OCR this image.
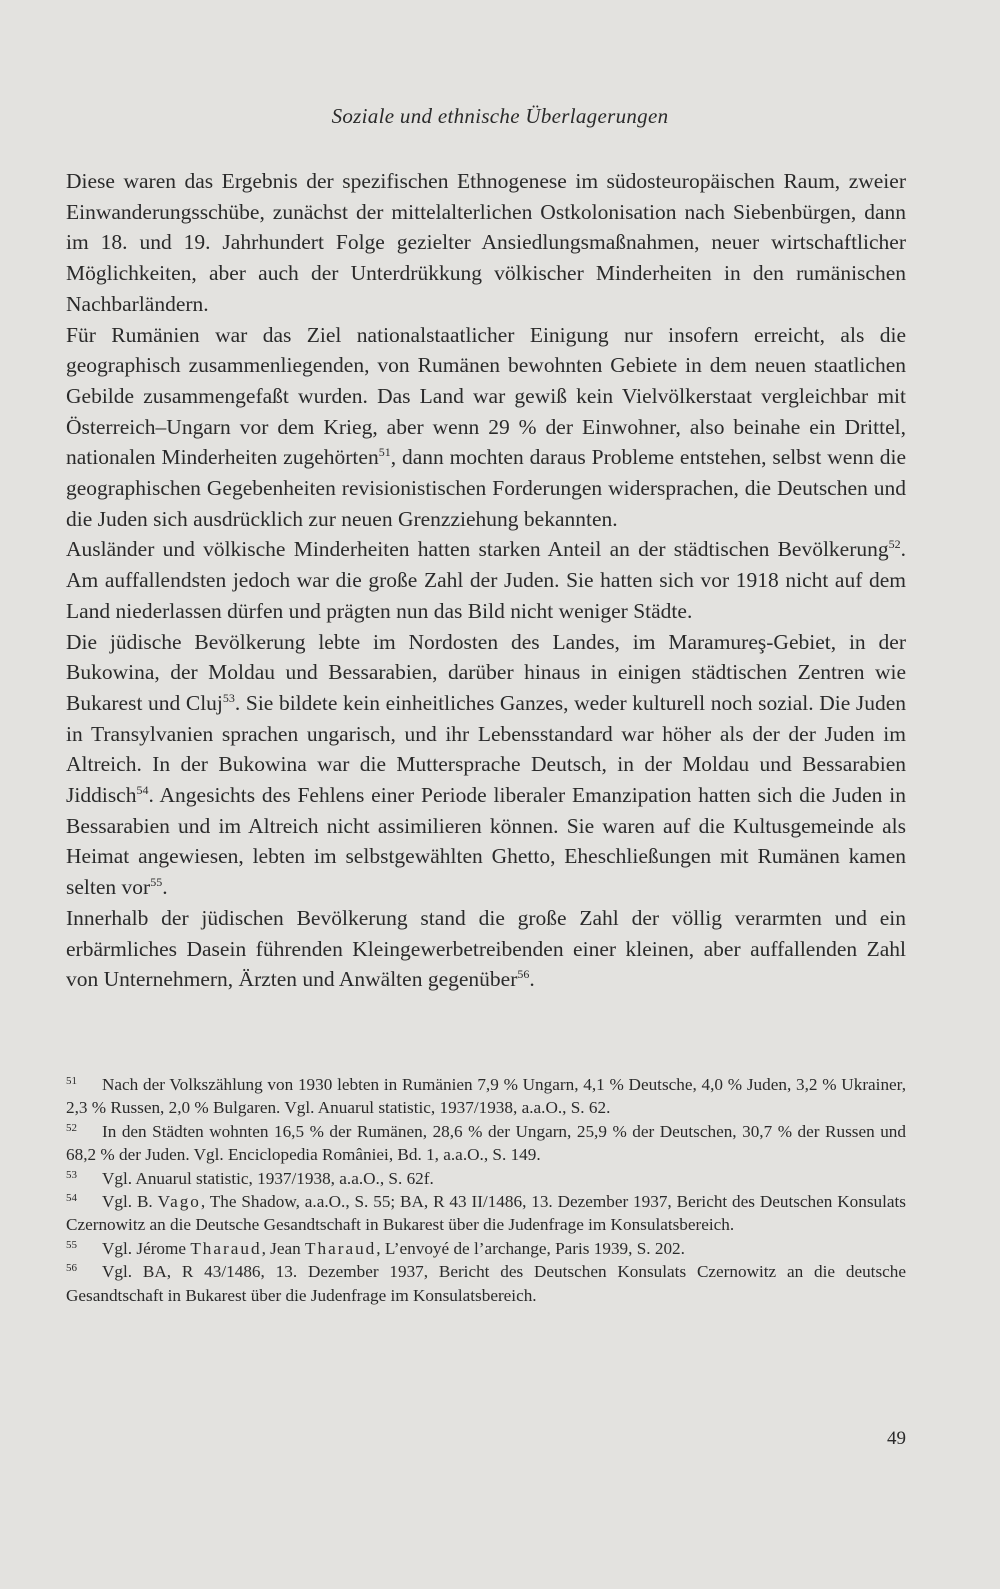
Soziale und ethnische Überlagerungen

Diese waren das Ergebnis der spezifischen Ethnogenese im südosteuropäischen Raum, zweier Einwanderungsschübe, zunächst der mittelalterlichen Ostkolonisation nach Siebenbürgen, dann im 18. und 19. Jahrhundert Folge gezielter Ansiedlungsmaßnahmen, neuer wirtschaftlicher Möglichkeiten, aber auch der Unterdrükkung völkischer Minderheiten in den rumänischen Nachbarländern.

Für Rumänien war das Ziel nationalstaatlicher Einigung nur insofern erreicht, als die geographisch zusammenliegenden, von Rumänen bewohnten Gebiete in dem neuen staatlichen Gebilde zusammengefaßt wurden. Das Land war gewiß kein Vielvölkerstaat vergleichbar mit Österreich–Ungarn vor dem Krieg, aber wenn 29 % der Einwohner, also beinahe ein Drittel, nationalen Minderheiten zugehörten$^{51}$, dann mochten daraus Probleme entstehen, selbst wenn die geographischen Gegebenheiten revisionistischen Forderungen widersprachen, die Deutschen und die Juden sich ausdrücklich zur neuen Grenzziehung bekannten.

Ausländer und völkische Minderheiten hatten starken Anteil an der städtischen Bevölkerung$^{52}$. Am auffallendsten jedoch war die große Zahl der Juden. Sie hatten sich vor 1918 nicht auf dem Land niederlassen dürfen und prägten nun das Bild nicht weniger Städte.

Die jüdische Bevölkerung lebte im Nordosten des Landes, im Maramureş-Gebiet, in der Bukowina, der Moldau und Bessarabien, darüber hinaus in einigen städtischen Zentren wie Bukarest und Cluj$^{53}$. Sie bildete kein einheitliches Ganzes, weder kulturell noch sozial. Die Juden in Transylvanien sprachen ungarisch, und ihr Lebensstandard war höher als der der Juden im Altreich. In der Bukowina war die Muttersprache Deutsch, in der Moldau und Bessarabien Jiddisch$^{54}$. Angesichts des Fehlens einer Periode liberaler Emanzipation hatten sich die Juden in Bessarabien und im Altreich nicht assimilieren können. Sie waren auf die Kultusgemeinde als Heimat angewiesen, lebten im selbstgewählten Ghetto, Eheschließungen mit Rumänen kamen selten vor$^{55}$.

Innerhalb der jüdischen Bevölkerung stand die große Zahl der völlig verarmten und ein erbärmliches Dasein führenden Kleingewerbetreibenden einer kleinen, aber auffallenden Zahl von Unternehmern, Ärzten und Anwälten gegenüber$^{56}$.

51 Nach der Volkszählung von 1930 lebten in Rumänien 7,9 % Ungarn, 4,1 % Deutsche, 4,0 % Juden, 3,2 % Ukrainer, 2,3 % Russen, 2,0 % Bulgaren. Vgl. Anuarul statistic, 1937/1938, a.a.O., S. 62.

52 In den Städten wohnten 16,5 % der Rumänen, 28,6 % der Ungarn, 25,9 % der Deutschen, 30,7 % der Russen und 68,2 % der Juden. Vgl. Enciclopedia României, Bd. 1, a.a.O., S. 149.

53 Vgl. Anuarul statistic, 1937/1938, a.a.O., S. 62f.

54 Vgl. B. Vago, The Shadow, a.a.O., S. 55; BA, R 43 II/1486, 13. Dezember 1937, Bericht des Deutschen Konsulats Czernowitz an die Deutsche Gesandtschaft in Bukarest über die Judenfrage im Konsulatsbereich.

55 Vgl. Jérome Tharaud, Jean Tharaud, L’envoyé de l’archange, Paris 1939, S. 202.

56 Vgl. BA, R 43/1486, 13. Dezember 1937, Bericht des Deutschen Konsulats Czernowitz an die deutsche Gesandtschaft in Bukarest über die Judenfrage im Konsulatsbereich.

49
